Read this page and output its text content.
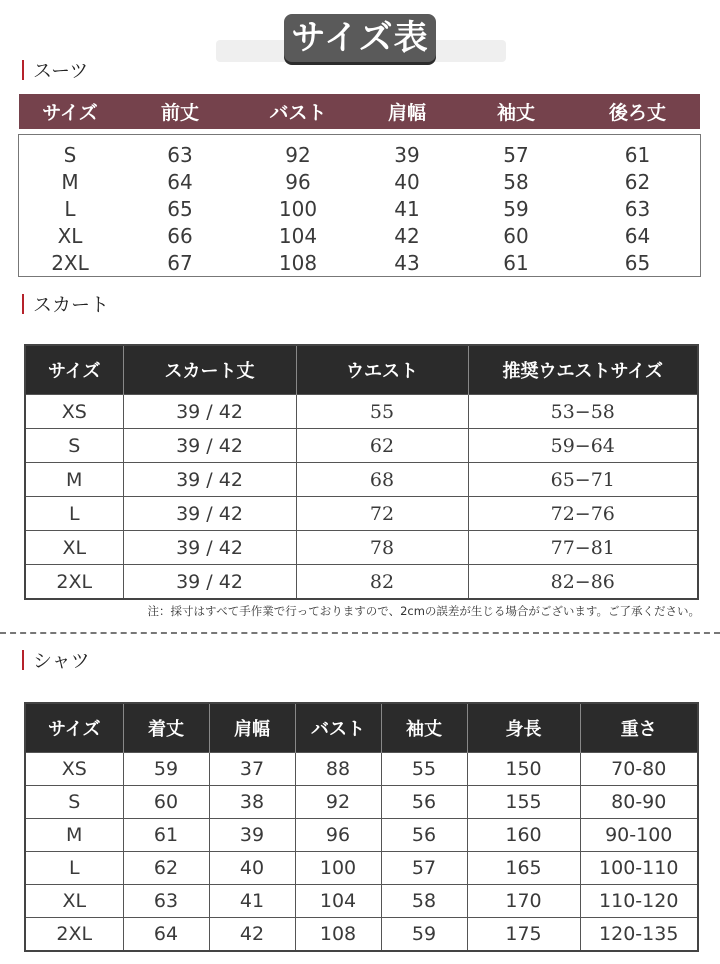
サイズ表
スーツ
サイズ	前丈	バスト	肩幅	袖丈	後ろ丈

S	63	92	39	57	61
M	64	96	40	58	62
L	65	100	41	59	63
XL	66	104	42	60	64
2XL	67	108	43	61	65
スカート
サイズ	スカート丈	ウエスト	推奨ウエストサイズ
XS	39 / 42	55	53−58
S	39 / 42	62	59−64
M	39 / 42	68	65−71
L	39 / 42	72	72−76
XL	39 / 42	78	77−81
2XL	39 / 42	82	82−86
注：採寸はすべて手作業で行っておりますので、2cmの誤差が生じる場合がございます。ご了承ください。
シャツ
サイズ	着丈	肩幅	バスト	袖丈	身長	重さ
XS	59	37	88	55	150	70-80
S	60	38	92	56	155	80-90
M	61	39	96	56	160	90-100
L	62	40	100	57	165	100-110
XL	63	41	104	58	170	110-120
2XL	64	42	108	59	175	120-135
